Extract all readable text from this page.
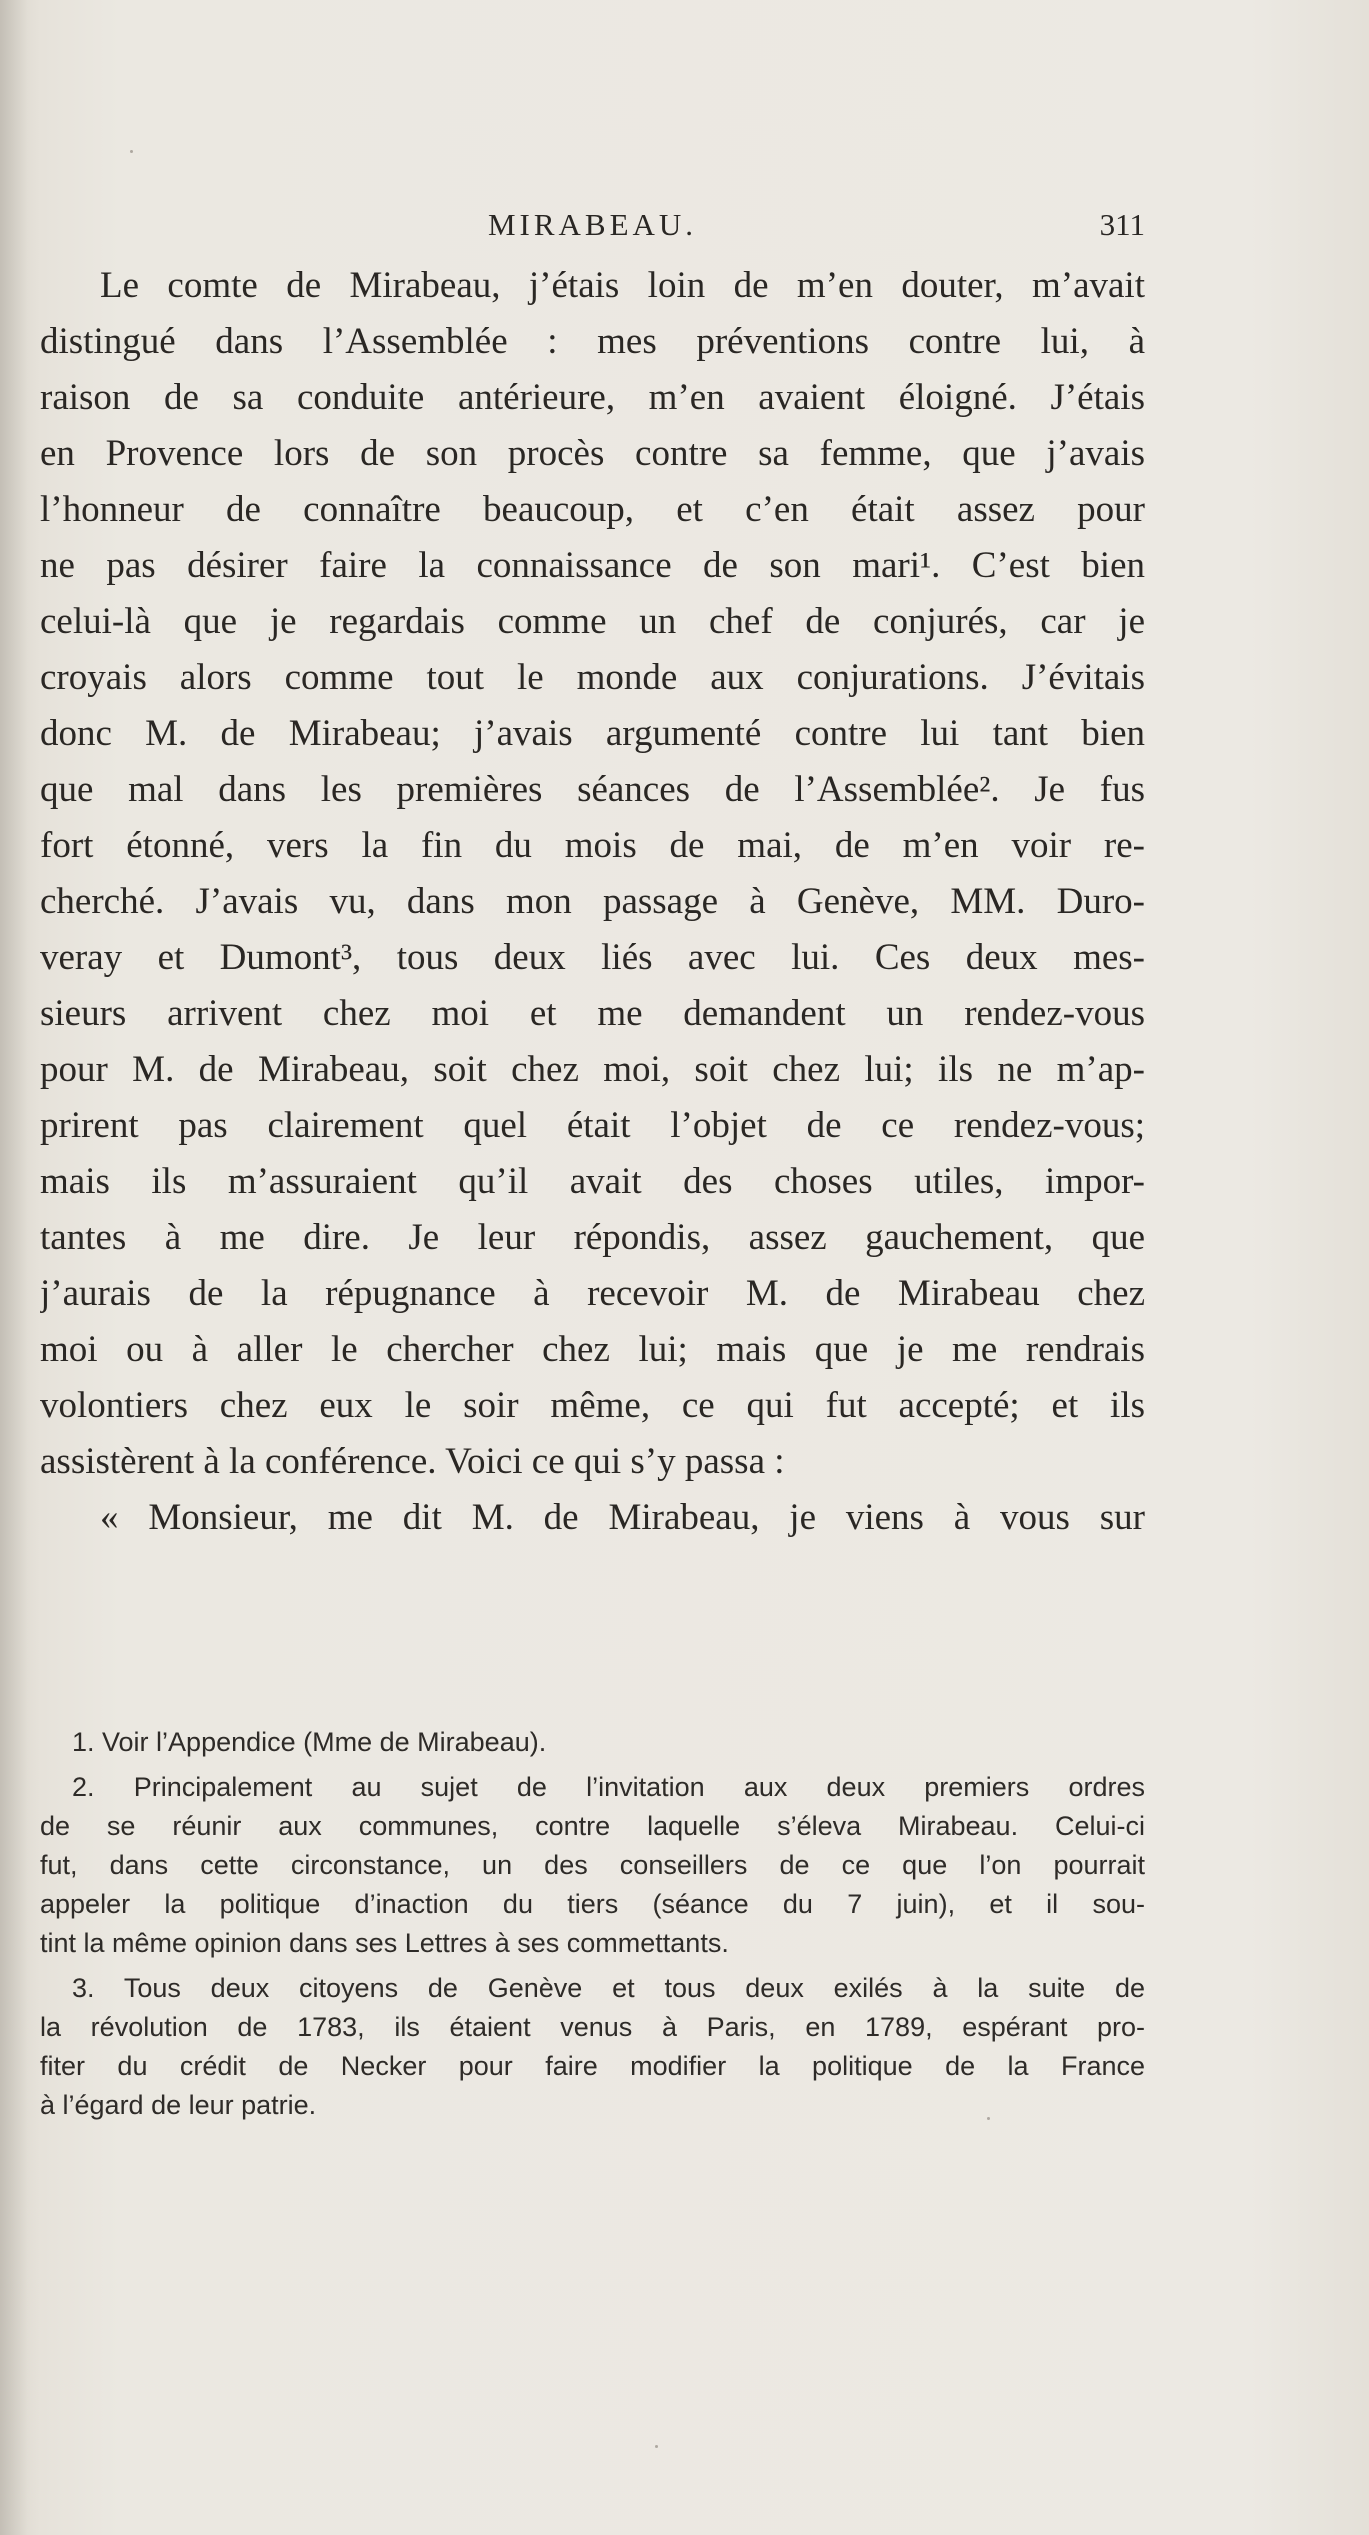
MIRABEAU.	311
Le comte de Mirabeau, j’étais loin de m’en douter, m’avait
distingué dans l’Assemblée : mes préventions contre lui, à
raison de sa conduite antérieure, m’en avaient éloigné. J’étais
en Provence lors de son procès contre sa femme, que j’avais
l’honneur de connaître beaucoup, et c’en était assez pour
ne pas désirer faire la connaissance de son mari¹. C’est bien
celui-là que je regardais comme un chef de conjurés, car je
croyais alors comme tout le monde aux conjurations. J’évitais
donc M. de Mirabeau; j’avais argumenté contre lui tant bien
que mal dans les premières séances de l’Assemblée². Je fus
fort étonné, vers la fin du mois de mai, de m’en voir re-
cherché. J’avais vu, dans mon passage à Genève, MM. Duro-
veray et Dumont³, tous deux liés avec lui. Ces deux mes-
sieurs arrivent chez moi et me demandent un rendez-vous
pour M. de Mirabeau, soit chez moi, soit chez lui; ils ne m’ap-
prirent pas clairement quel était l’objet de ce rendez-vous;
mais ils m’assuraient qu’il avait des choses utiles, impor-
tantes à me dire. Je leur répondis, assez gauchement, que
j’aurais de la répugnance à recevoir M. de Mirabeau chez
moi ou à aller le chercher chez lui; mais que je me rendrais
volontiers chez eux le soir même, ce qui fut accepté; et ils
assistèrent à la conférence. Voici ce qui s’y passa :
« Monsieur, me dit M. de Mirabeau, je viens à vous sur
1. Voir l’Appendice (Mme de Mirabeau).
2. Principalement au sujet de l’invitation aux deux premiers ordres
de se réunir aux communes, contre laquelle s’éleva Mirabeau. Celui-ci
fut, dans cette circonstance, un des conseillers de ce que l’on pourrait
appeler la politique d’inaction du tiers (séance du 7 juin), et il sou-
tint la même opinion dans ses Lettres à ses commettants.
3. Tous deux citoyens de Genève et tous deux exilés à la suite de
la révolution de 1783, ils étaient venus à Paris, en 1789, espérant pro-
fiter du crédit de Necker pour faire modifier la politique de la France
à l’égard de leur patrie.
